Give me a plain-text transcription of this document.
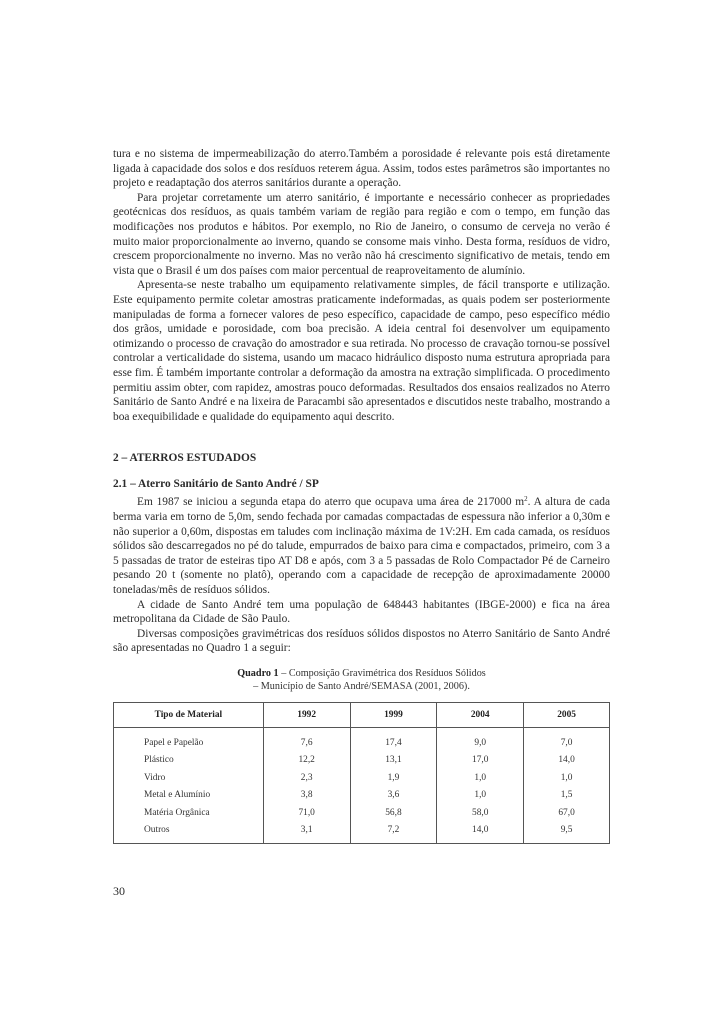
tura e no sistema de impermeabilização do aterro.Também a porosidade é relevante pois está diretamente ligada à capacidade dos solos e dos resíduos reterem água. Assim, todos estes parâmetros são importantes no projeto e readaptação dos aterros sanitários durante a operação.

Para projetar corretamente um aterro sanitário, é importante e necessário conhecer as propriedades geotécnicas dos resíduos, as quais também variam de região para região e com o tempo, em função das modificações nos produtos e hábitos. Por exemplo, no Rio de Janeiro, o consumo de cerveja no verão é muito maior proporcionalmente ao inverno, quando se consome mais vinho. Desta forma, resíduos de vidro, crescem proporcionalmente no inverno. Mas no verão não há crescimento significativo de metais, tendo em vista que o Brasil é um dos países com maior percentual de reaproveitamento de alumínio.

Apresenta-se neste trabalho um equipamento relativamente simples, de fácil transporte e utilização. Este equipamento permite coletar amostras praticamente indeformadas, as quais podem ser posteriormente manipuladas de forma a fornecer valores de peso específico, capacidade de campo, peso específico médio dos grãos, umidade e porosidade, com boa precisão. A ideia central foi desenvolver um equipamento otimizando o processo de cravação do amostrador e sua retirada. No processo de cravação tornou-se possível controlar a verticalidade do sistema, usando um macaco hidráulico disposto numa estrutura apropriada para esse fim. É também importante controlar a deformação da amostra na extração simplificada. O procedimento permitiu assim obter, com rapidez, amostras pouco deformadas. Resultados dos ensaios realizados no Aterro Sanitário de Santo André e na lixeira de Paracambi são apresentados e discutidos neste trabalho, mostrando a boa exequibilidade e qualidade do equipamento aqui descrito.

2 – ATERROS ESTUDADOS
2.1 – Aterro Sanitário de Santo André / SP

Em 1987 se iniciou a segunda etapa do aterro que ocupava uma área de 217000 $m^2$. A altura de cada berma varia em torno de 5,0m, sendo fechada por camadas compactadas de espessura não inferior a 0,30m e não superior a 0,60m, dispostas em taludes com inclinação máxima de 1V:2H. Em cada camada, os resíduos sólidos são descarregados no pé do talude, empurrados de baixo para cima e compactados, primeiro, com 3 a 5 passadas de trator de esteiras tipo AT D8 e após, com 3 a 5 passadas de Rolo Compactador Pé de Carneiro pesando 20 t (somente no platô), operando com a capacidade de recepção de aproximadamente 20000 toneladas/mês de resíduos sólidos.

A cidade de Santo André tem uma população de 648443 habitantes (IBGE-2000) e fica na área metropolitana da Cidade de São Paulo.

Diversas composições gravimétricas dos resíduos sólidos dispostos no Aterro Sanitário de Santo André são apresentadas no Quadro 1 a seguir:

Quadro 1 – Composição Gravimétrica dos Resíduos Sólidos
– Município de Santo André/SEMASA (2001, 2006).
Tipo de Material	1992	1999	2004	2005
Papel e Papelão	7,6	17,4	9,0	7,0
Plástico	12,2	13,1	17,0	14,0
Vidro	2,3	1,9	1,0	1,0
Metal e Alumínio	3,8	3,6	1,0	1,5
Matéria Orgânica	71,0	56,8	58,0	67,0
Outros	3,1	7,2	14,0	9,5
30
